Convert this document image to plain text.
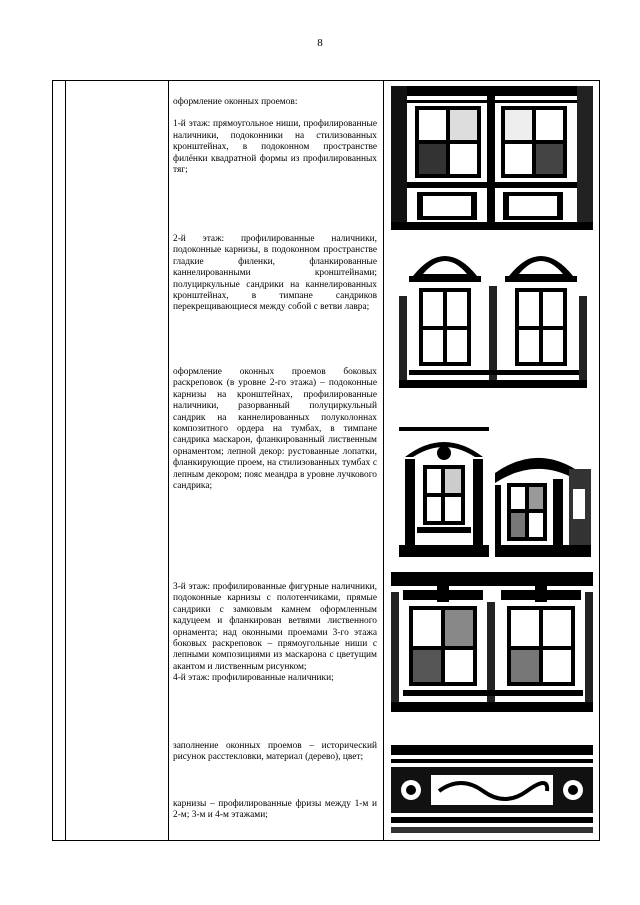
8

оформление оконных проемов:

1-й этаж: прямоугольное ниши, профилированные наличники, подоконники на стилизованных кронштейнах, в подоконном пространстве филёнки квадратной формы из профилированных тяг;

2-й этаж: профилированные наличники, подоконные карнизы, в подоконном пространстве гладкие филенки, фланкированные каннелированными кронштейнами; полуциркульные сандрики на каннелированных кронштейнах, в тимпане сандриков перекрещивающиеся между собой с ветви лавра;

оформление оконных проемов боковых раскреповок (в уровне 2-го этажа) – подоконные карнизы на кронштейнах, профилированные наличники, разорванный полуциркульный сандрик на каннелированных полуколоннах композитного ордера на тумбах, в тимпане сандрика маскарон, фланкированный лиственным орнаментом; лепной декор: рустованные лопатки, фланкирующие проем, на стилизованных тумбах с лепным декором; пояс меандра в уровне лучкового сандрика;

3-й этаж: профилированные фигурные наличники, подоконные карнизы с полотенчиками, прямые сандрики с замковым камнем оформленным кадуцеем и фланкирован ветвями лиственного орнамента; над оконными проемами 3-го этажа боковых раскреповок – прямоугольные ниши с лепными композициями из маскарона с цветущим акантом и лиственным рисунком;

4-й этаж: профилированные наличники;

заполнение оконных проемов – исторический рисунок расстекловки, материал (дерево), цвет;

карнизы – профилированные фризы между 1-м и 2-м; 3-м и 4-м этажами;
